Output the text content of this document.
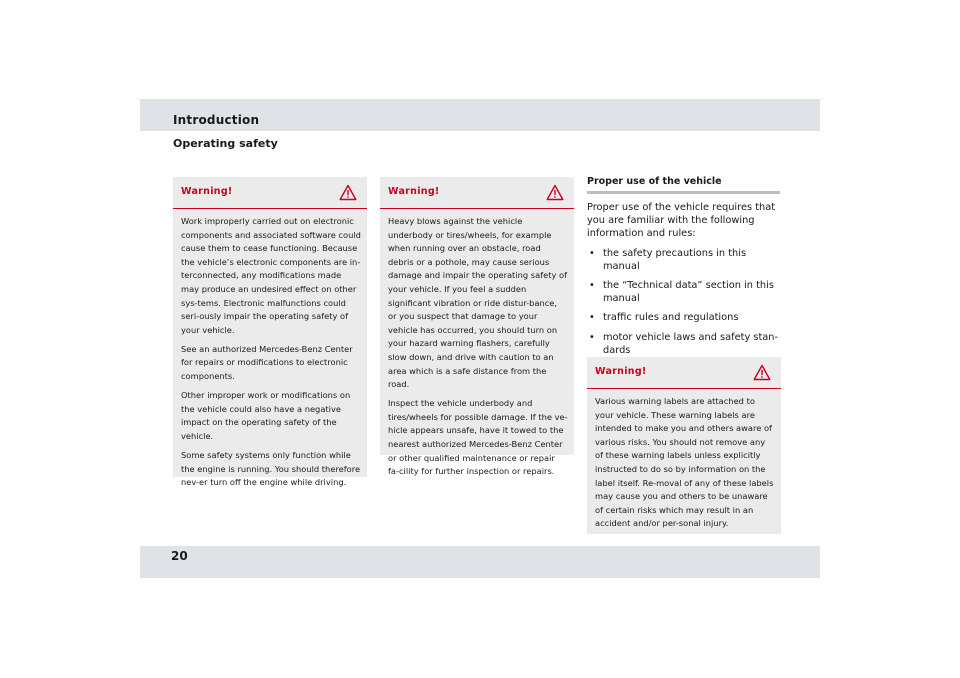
Introduction
Operating safety
Warning!

Work improperly carried out on electronic components and associated software could cause them to cease functioning. Because the vehicle’s electronic components are in-terconnected, any modifications made may produce an undesired effect on other sys-tems. Electronic malfunctions could seri-ously impair the operating safety of your vehicle.

See an authorized Mercedes-Benz Center for repairs or modifications to electronic components.

Other improper work or modifications on the vehicle could also have a negative impact on the operating safety of the vehicle.

Some safety systems only function while the engine is running. You should therefore nev-er turn off the engine while driving.

Warning!

Heavy blows against the vehicle underbody or tires/wheels, for example when running over an obstacle, road debris or a pothole, may cause serious damage and impair the operating safety of your vehicle. If you feel a sudden significant vibration or ride distur-bance, or you suspect that damage to your vehicle has occurred, you should turn on your hazard warning flashers, carefully slow down, and drive with caution to an area which is a safe distance from the road.

Inspect the vehicle underbody and tires/wheels for possible damage. If the ve-hicle appears unsafe, have it towed to the nearest authorized Mercedes-Benz Center or other qualified maintenance or repair fa-cility for further inspection or repairs.

Proper use of the vehicle

Proper use of the vehicle requires that you are familiar with the following information and rules:

• the safety precautions in this manual
• the “Technical data” section in this manual
• traffic rules and regulations
• motor vehicle laws and safety stan-dards
Warning!

Various warning labels are attached to your vehicle. These warning labels are intended to make you and others aware of various risks. You should not remove any of these warning labels unless explicitly instructed to do so by information on the label itself. Re-moval of any of these labels may cause you and others to be unaware of certain risks which may result in an accident and/or per-sonal injury.

20
